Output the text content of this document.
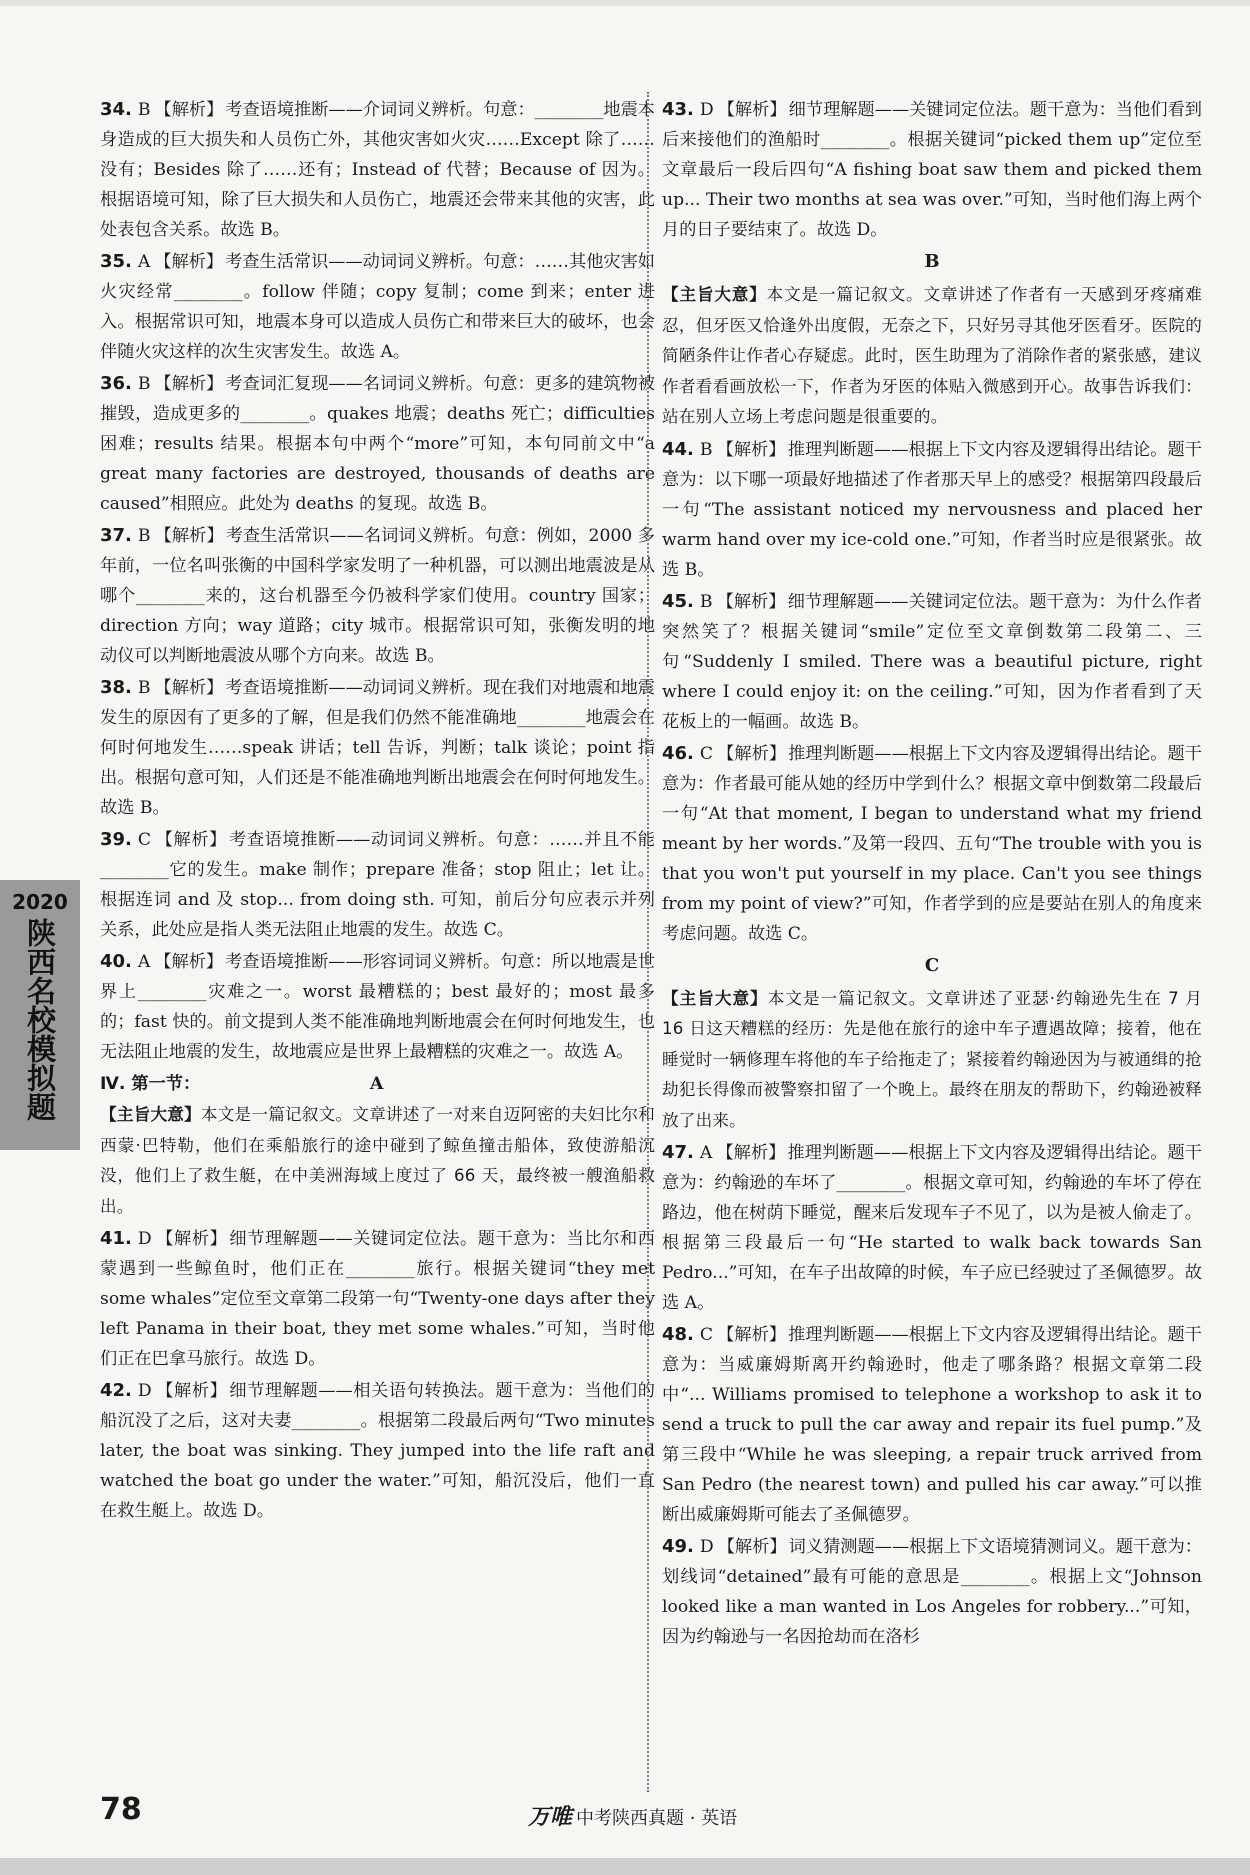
34. B 【解析】 考查语境推断——介词词义辨析。句意：________地震本身造成的巨大损失和人员伤亡外，其他灾害如火灾……Except 除了……没有；Besides 除了……还有；Instead of 代替；Because of 因为。根据语境可知，除了巨大损失和人员伤亡，地震还会带来其他的灾害，此处表包含关系。故选 B。
35. A 【解析】 考查生活常识——动词词义辨析。句意：……其他灾害如火灾经常________。follow 伴随；copy 复制；come 到来；enter 进入。根据常识可知，地震本身可以造成人员伤亡和带来巨大的破坏，也会伴随火灾这样的次生灾害发生。故选 A。
36. B 【解析】 考查词汇复现——名词词义辨析。句意：更多的建筑物被摧毁，造成更多的________。quakes 地震；deaths 死亡；difficulties 困难；results 结果。根据本句中两个“more”可知，本句同前文中“a great many factories are destroyed, thousands of deaths are caused”相照应。此处为 deaths 的复现。故选 B。
37. B 【解析】 考查生活常识——名词词义辨析。句意：例如，2000 多年前，一位名叫张衡的中国科学家发明了一种机器，可以测出地震波是从哪个________来的，这台机器至今仍被科学家们使用。country 国家；direction 方向；way 道路；city 城市。根据常识可知，张衡发明的地动仪可以判断地震波从哪个方向来。故选 B。
38. B 【解析】 考查语境推断——动词词义辨析。现在我们对地震和地震发生的原因有了更多的了解，但是我们仍然不能准确地________地震会在何时何地发生……speak 讲话；tell 告诉，判断；talk 谈论；point 指出。根据句意可知，人们还是不能准确地判断出地震会在何时何地发生。故选 B。
39. C 【解析】 考查语境推断——动词词义辨析。句意：……并且不能________它的发生。make 制作；prepare 准备；stop 阻止；let 让。根据连词 and 及 stop... from doing sth. 可知，前后分句应表示并列关系，此处应是指人类无法阻止地震的发生。故选 C。
40. A 【解析】 考查语境推断——形容词词义辨析。句意：所以地震是世界上________灾难之一。worst 最糟糕的；best 最好的；most 最多的；fast 快的。前文提到人类不能准确地判断地震会在何时何地发生，也无法阻止地震的发生，故地震应是世界上最糟糕的灾难之一。故选 A。
Ⅳ. 第一节：	A
【主旨大意】本文是一篇记叙文。文章讲述了一对来自迈阿密的夫妇比尔和西蒙·巴特勒，他们在乘船旅行的途中碰到了鲸鱼撞击船体，致使游船沉没，他们上了救生艇，在中美洲海域上度过了 66 天，最终被一艘渔船救出。
41. D 【解析】 细节理解题——关键词定位法。题干意为：当比尔和西蒙遇到一些鲸鱼时，他们正在________旅行。根据关键词“they met some whales”定位至文章第二段第一句“Twenty-one days after they left Panama in their boat, they met some whales.”可知，当时他们正在巴拿马旅行。故选 D。
42. D 【解析】 细节理解题——相关语句转换法。题干意为：当他们的船沉没了之后，这对夫妻________。根据第二段最后两句“Two minutes later, the boat was sinking. They jumped into the life raft and watched the boat go under the water.”可知，船沉没后，他们一直在救生艇上。故选 D。
43. D 【解析】 细节理解题——关键词定位法。题干意为：当他们看到后来接他们的渔船时________。根据关键词“picked them up”定位至文章最后一段后四句“A fishing boat saw them and picked them up... Their two months at sea was over.”可知，当时他们海上两个月的日子要结束了。故选 D。
B
【主旨大意】本文是一篇记叙文。文章讲述了作者有一天感到牙疼痛难忍，但牙医又恰逢外出度假，无奈之下，只好另寻其他牙医看牙。医院的简陋条件让作者心存疑虑。此时，医生助理为了消除作者的紧张感，建议作者看看画放松一下，作者为牙医的体贴入微感到开心。故事告诉我们：站在别人立场上考虑问题是很重要的。
44. B 【解析】 推理判断题——根据上下文内容及逻辑得出结论。题干意为：以下哪一项最好地描述了作者那天早上的感受？根据第四段最后一句“The assistant noticed my nervousness and placed her warm hand over my ice-cold one.”可知，作者当时应是很紧张。故选 B。
45. B 【解析】 细节理解题——关键词定位法。题干意为：为什么作者突然笑了？根据关键词“smile”定位至文章倒数第二段第二、三句“Suddenly I smiled. There was a beautiful picture, right where I could enjoy it: on the ceiling.”可知，因为作者看到了天花板上的一幅画。故选 B。
46. C 【解析】 推理判断题——根据上下文内容及逻辑得出结论。题干意为：作者最可能从她的经历中学到什么？根据文章中倒数第二段最后一句“At that moment, I began to understand what my friend meant by her words.”及第一段四、五句“The trouble with you is that you won't put yourself in my place. Can't you see things from my point of view?”可知，作者学到的应是要站在别人的角度来考虑问题。故选 C。
C
【主旨大意】本文是一篇记叙文。文章讲述了亚瑟·约翰逊先生在 7 月 16 日这天糟糕的经历：先是他在旅行的途中车子遭遇故障；接着，他在睡觉时一辆修理车将他的车子给拖走了；紧接着约翰逊因为与被通缉的抢劫犯长得像而被警察扣留了一个晚上。最终在朋友的帮助下，约翰逊被释放了出来。
47. A 【解析】 推理判断题——根据上下文内容及逻辑得出结论。题干意为：约翰逊的车坏了________。根据文章可知，约翰逊的车坏了停在路边，他在树荫下睡觉，醒来后发现车子不见了，以为是被人偷走了。根据第三段最后一句“He started to walk back towards San Pedro...”可知，在车子出故障的时候，车子应已经驶过了圣佩德罗。故选 A。
48. C 【解析】 推理判断题——根据上下文内容及逻辑得出结论。题干意为：当威廉姆斯离开约翰逊时，他走了哪条路？根据文章第二段中“... Williams promised to telephone a workshop to ask it to send a truck to pull the car away and repair its fuel pump.”及第三段中“While he was sleeping, a repair truck arrived from San Pedro (the nearest town) and pulled his car away.”可以推断出威廉姆斯可能去了圣佩德罗。
49. D 【解析】 词义猜测题——根据上下文语境猜测词义。题干意为：划线词“detained”最有可能的意思是________。根据上文“Johnson looked like a man wanted in Los Angeles for robbery...”可知，因为约翰逊与一名因抢劫而在洛杉
2020
陕西名校模拟题
78	万唯 中考陕西真题 · 英语
